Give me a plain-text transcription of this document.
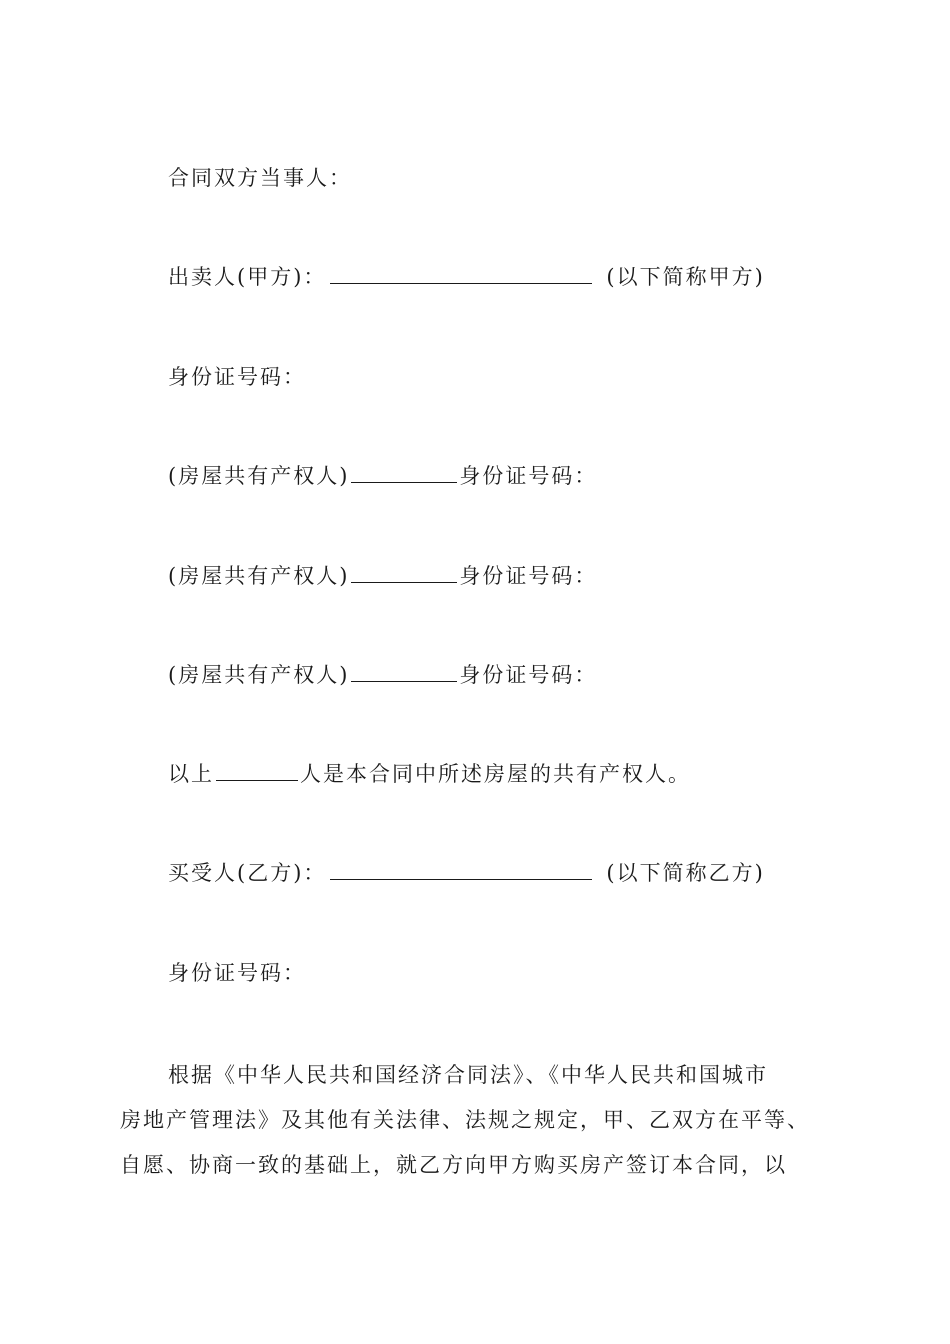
合同双方当事人：
出卖人(甲方)：	(以下简称甲方)
身份证号码：
(房屋共有产权人)	身份证号码：
(房屋共有产权人)	身份证号码：
(房屋共有产权人)	身份证号码：
以上	人是本合同中所述房屋的共有产权人。
买受人(乙方)：	(以下简称乙方)
身份证号码：
根据《中华人民共和国经济合同法》、《中华人民共和国城市
房地产管理法》及其他有关法律、法规之规定，甲、乙双方在平等、
自愿、协商一致的基础上，就乙方向甲方购买房产签订本合同，以
